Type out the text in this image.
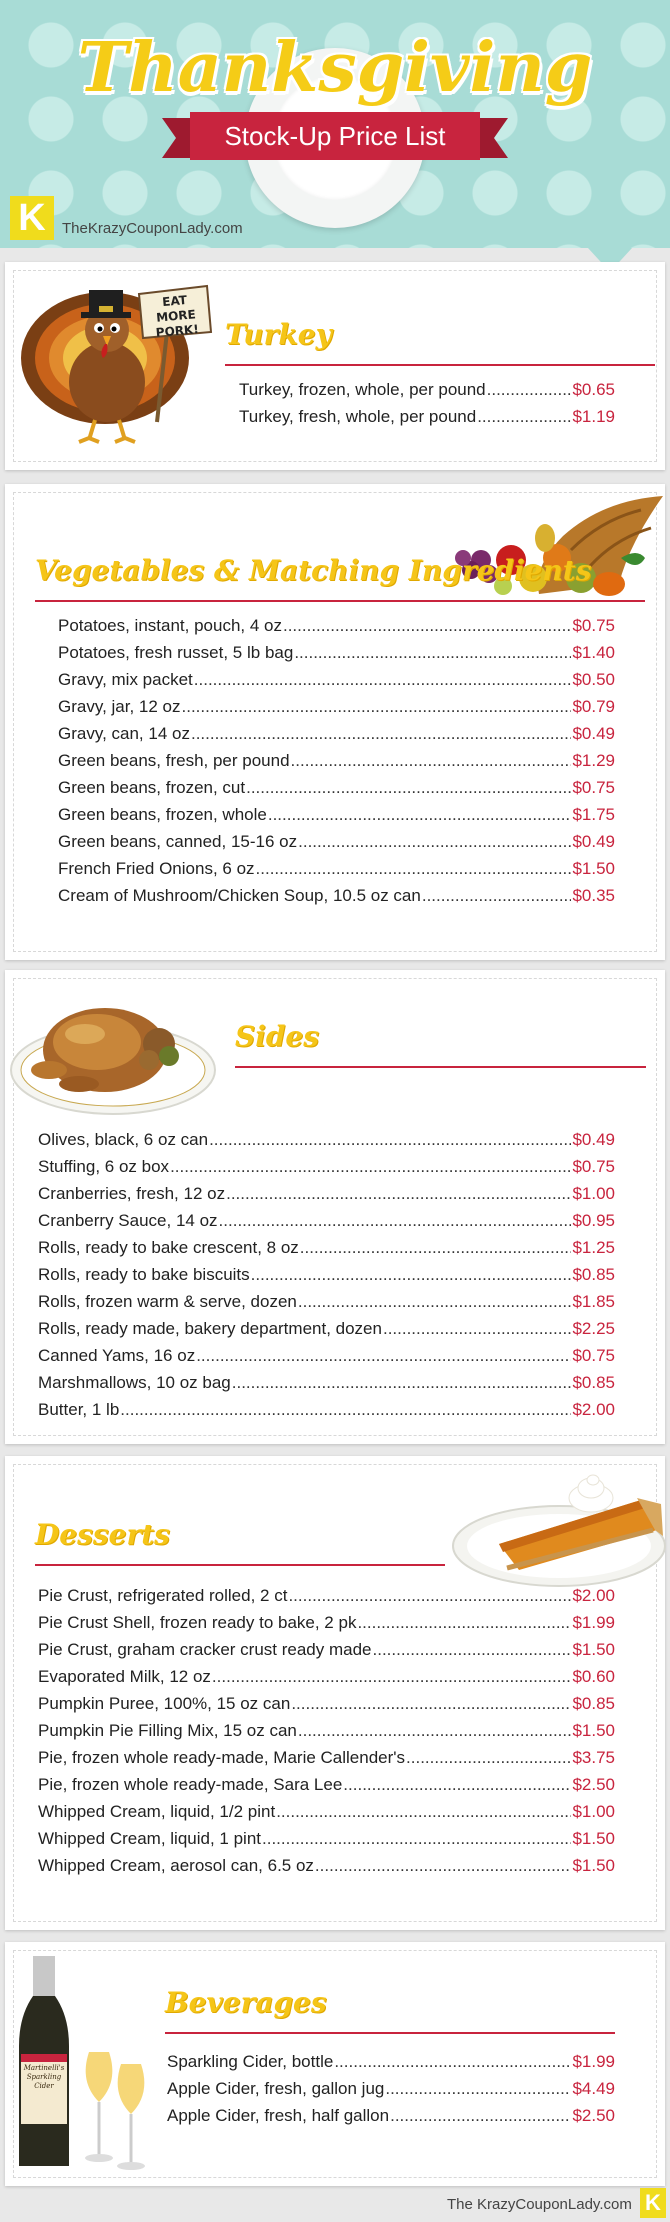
Thanksgiving
Stock-Up Price List
K	TheKrazyCouponLady.com
EAT MORE PORK! Turkey
Turkey, frozen, whole, per pound .....	$0.65
Turkey, fresh, whole, per pound .....	$1.19
Vegetables & Matching Ingredients
Potatoes, instant, pouch, 4 oz .....	$0.75
Potatoes, fresh russet, 5 lb bag .....	$1.40
Gravy, mix packet .....	$0.50
Gravy, jar, 12 oz .....	$0.79
Gravy, can, 14 oz .....	$0.49
Green beans, fresh, per pound .....	$1.29
Green beans, frozen, cut .....	$0.75
Green beans, frozen, whole .....	$1.75
Green beans, canned, 15-16 oz .....	$0.49
French Fried Onions, 6 oz .....	$1.50
Cream of Mushroom/Chicken Soup, 10.5 oz can .....	$0.35
Sides
Olives, black, 6 oz can .....	$0.49
Stuffing, 6 oz box .....	$0.75
Cranberries, fresh, 12 oz .....	$1.00
Cranberry Sauce, 14 oz .....	$0.95
Rolls, ready to bake crescent, 8 oz .....	$1.25
Rolls, ready to bake biscuits .....	$0.85
Rolls, frozen warm & serve, dozen .....	$1.85
Rolls, ready made, bakery department, dozen .....	$2.25
Canned Yams, 16 oz .....	$0.75
Marshmallows, 10 oz bag .....	$0.85
Butter, 1 lb .....	$2.00
Desserts
Pie Crust, refrigerated rolled, 2 ct .....	$2.00
Pie Crust Shell, frozen ready to bake, 2 pk .....	$1.99
Pie Crust, graham cracker crust ready made .....	$1.50
Evaporated Milk, 12 oz .....	$0.60
Pumpkin Puree, 100%, 15 oz can .....	$0.85
Pumpkin Pie Filling Mix, 15 oz can .....	$1.50
Pie, frozen whole ready-made, Marie Callender's .....	$3.75
Pie, frozen whole ready-made, Sara Lee .....	$2.50
Whipped Cream, liquid, 1/2 pint .....	$1.00
Whipped Cream, liquid, 1 pint .....	$1.50
Whipped Cream, aerosol can, 6.5 oz .....	$1.50
Martinelli's Sparkling Cider
Beverages
Sparkling Cider, bottle .....	$1.99
Apple Cider, fresh, gallon jug .....	$4.49
Apple Cider, fresh, half gallon .....	$2.50
The KrazyCouponLady.com K
